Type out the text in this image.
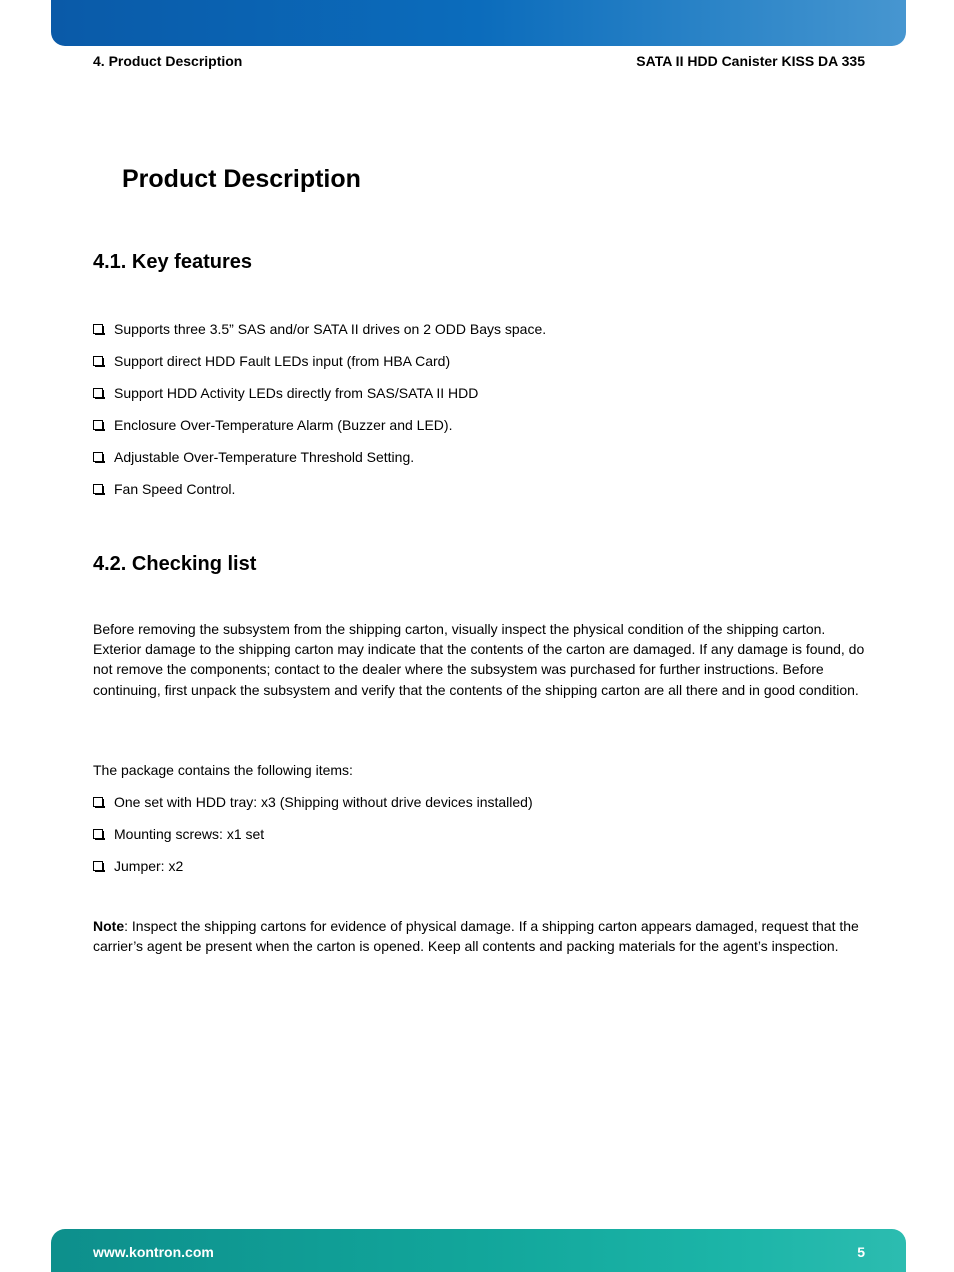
4. Product Description	SATA II HDD Canister KISS DA 335
Product Description
4.1. Key features
Supports three 3.5” SAS and/or SATA II drives on 2 ODD Bays space.
Support direct HDD Fault LEDs input (from HBA Card)
Support HDD Activity LEDs directly from SAS/SATA II HDD
Enclosure Over-Temperature Alarm (Buzzer and LED).
Adjustable Over-Temperature Threshold Setting.
Fan Speed Control.
4.2. Checking list

Before removing the subsystem from the shipping carton, visually inspect the physical condition of the shipping carton. Exterior damage to the shipping carton may indicate that the contents of the carton are damaged. If any damage is found, do not remove the components; contact to the dealer where the subsystem was purchased for further instructions. Before continuing, first unpack the subsystem and verify that the contents of the shipping carton are all there and in good condition.

The package contains the following items:

One set with HDD tray: x3 (Shipping without drive devices installed)
Mounting screws: x1 set
Jumper: x2

Note: Inspect the shipping cartons for evidence of physical damage. If a shipping carton appears damaged, request that the carrier’s agent be present when the carton is opened. Keep all contents and packing materials for the agent’s inspection.

www.kontron.com	5
